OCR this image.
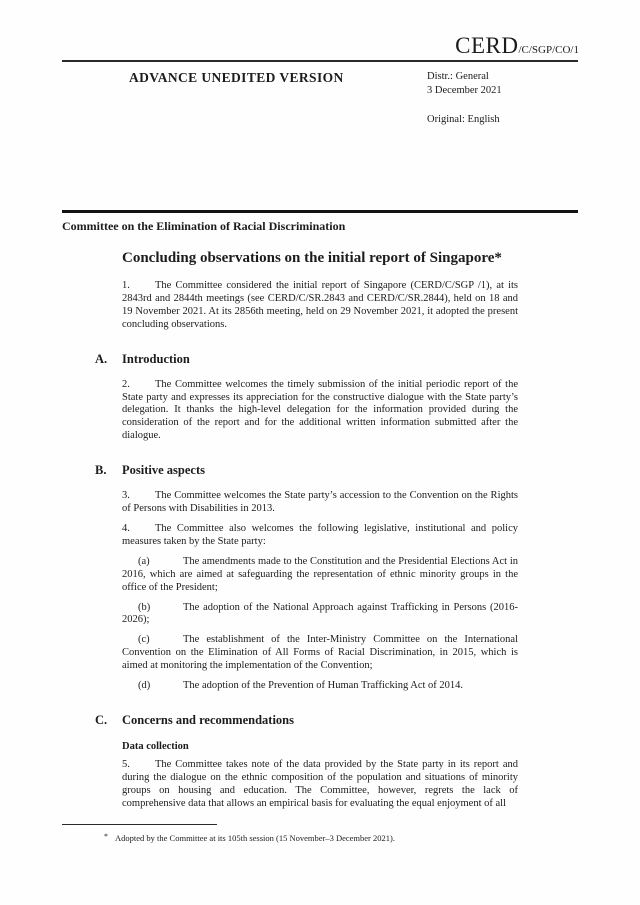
CERD/C/SGP/CO/1
ADVANCE UNEDITED VERSION	Distr.: General
3 December 2021
Original: English
Committee on the Elimination of Racial Discrimination
Concluding observations on the initial report of Singapore*

1. The Committee considered the initial report of Singapore (CERD/C/SGP /1), at its 2843rd and 2844th meetings (see CERD/C/SR.2843 and CERD/C/SR.2844), held on 18 and 19 November 2021. At its 2856th meeting, held on 29 November 2021, it adopted the present concluding observations.

A. Introduction

2. The Committee welcomes the timely submission of the initial periodic report of the State party and expresses its appreciation for the constructive dialogue with the State party’s delegation. It thanks the high-level delegation for the information provided during the consideration of the report and for the additional written information submitted after the dialogue.

B. Positive aspects

3. The Committee welcomes the State party’s accession to the Convention on the Rights of Persons with Disabilities in 2013.

4. The Committee also welcomes the following legislative, institutional and policy measures taken by the State party:

(a)	The amendments made to the Constitution and the Presidential Elections Act in 2016, which are aimed at safeguarding the representation of ethnic minority groups in the office of the President;

(b)	The adoption of the National Approach against Trafficking in Persons (2016-2026);

(c)	The establishment of the Inter-Ministry Committee on the International Convention on the Elimination of All Forms of Racial Discrimination, in 2015, which is aimed at monitoring the implementation of the Convention;

(d)	The adoption of the Prevention of Human Trafficking Act of 2014.

C. Concerns and recommendations
Data collection

5. The Committee takes note of the data provided by the State party in its report and during the dialogue on the ethnic composition of the population and situations of minority groups on housing and education. The Committee, however, regrets the lack of comprehensive data that allows an empirical basis for evaluating the equal enjoyment of all

* Adopted by the Committee at its 105th session (15 November–3 December 2021).
